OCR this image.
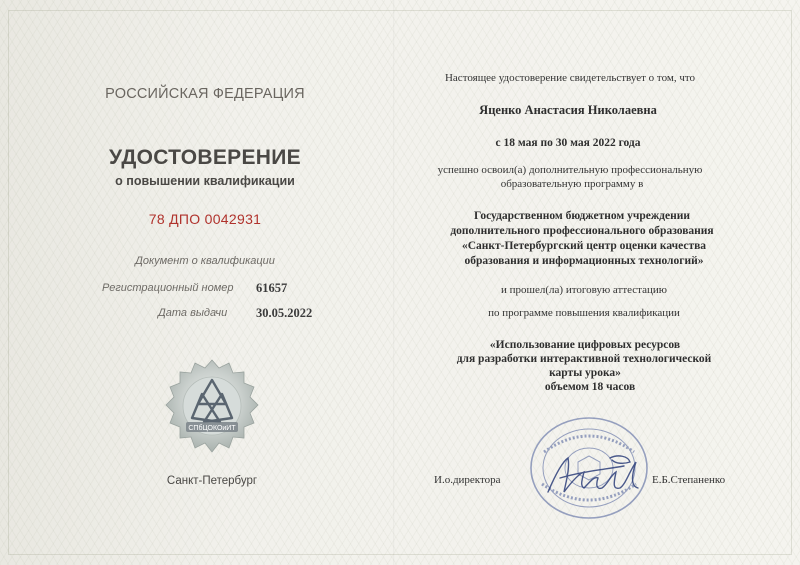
РОССИЙСКАЯ ФЕДЕРАЦИЯ
УДОСТОВЕРЕНИЕ
о повышении квалификации
78 ДПО 0042931
Документ о квалификации
Регистрационный номер 61657
Дата выдачи 30.05.2022
СПбЦОКОиИТ
Санкт-Петербург
Настоящее удостоверение свидетельствует о том, что
Яценко Анастасия Николаевна
с 18 мая по 30 мая 2022 года
успешно освоил(а) дополнительную профессиональную
образовательную программу в
Государственном бюджетном учреждении
дополнительного профессионального образования
«Санкт-Петербургский центр оценки качества
образования и информационных технологий»
и прошел(ла) итоговую аттестацию
по программе повышения квалификации
«Использование цифровых ресурсов
для разработки интерактивной технологической
карты урока»
объемом 18 часов
И.о.директора	Е.Б.Степаненко
